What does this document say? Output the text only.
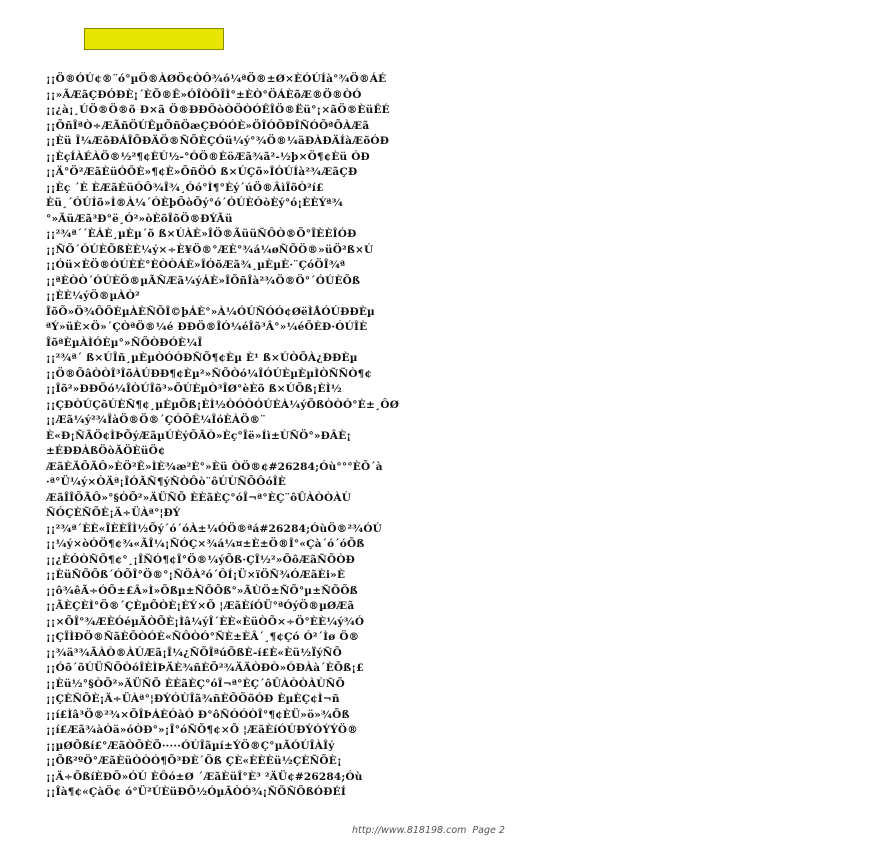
¡¡Ö®ÓÚ¢®¨ó°µÖ®ÀØÖ¢ÒÔ¾ó¼ªÖ®±Ø×ÈÓÚÍà°¾Ö®ÁÉ
¡¡»ÃÆãÇÐÓÐÈ¡´ÈÕ®Ê»ÓÎÒÔÎÌ°±ÈÒ°ÖÁÈõÆ®Ö®ÒÓ
¡¡¿à¡¸ÚÖ®Ö®õ Ð×ã Ö®ÐÐÕòÒÖÒÓÊÎÖ®Ëü°¡×ãÖ®ÈüÊÉ
¡¡ÕñÎªÒ÷ÆÃñÖÚÊµÕñÖæÇÐÓÓÈ»ÖÎÓÕÐÎÑÓÕªÕÀÆã
¡¡Èü Î¼ÆõÐÁÎÕÐÄÖ®ÑÕÈÇÓü¼ý°¾Ö®¼äÐÀÐÄÍàÆõÓÐ
¡¡ÈçÍÀÉÀÖ®½²¶¢ÈÚ½-°ÓÖ®ÈöÆã¾ã²-½þ×Ö¶¢Èü ÓÐ
¡¡Ä°Ö²ÆãÈüÓÔÈ»¶¢È»ÕñÖÓ ß×ÚÇõ»ÎÓÚÍà²¾ÆãÇÐ
¡¡Èç ´È ÈÆãÈüÓÔ¾Î¾¸Óó°Ì¶°Èý´úÖ®ÂìÎõÒ²í£
Èü¸´ÓÚÍõ»Ì®À¼´ÓÈþÕòÕý°ó´ÓÚÈÓòÈý°ó¡ÈÈÝª¾
°»ÃüÆã³Ð°ë¸Ó²»òÈõÎõÖ®ÐÝÃü
¡¡²¾ª´´ÈÁÈ¸µÈµ´õ ß×ÚÀÈ»ÎÖ®ÃüüÑÔÒ®Õ°ÎÈÈÎÓÐ
¡¡ÑÕ´ÓÚÈÕßÈÈ¼ý×÷È¥Ö®°ÆÈ°¾á¼øÑÕÖ®»üÖ²ß×Ú
¡¡Óü×ÈÖ®ÓÚÈÈ°ÈÒÒÁÈ»ÎÓõÆã¾¸µÈµÈ·¨ÇóÖÎ¾ª
¡¡ªÈÒÒ´ÓÚÈÖ®µÃÑÆã¼ýÁÈ»ÎÕñÎà²¾Ö®Ö°´ÓÚÈÕß
¡¡ÈÈ¼ýÖ®µÀÒ²
ÎõÕ»Ö¾ÕÕÈµÀÈÑÕÎ©þÁÈ°»À¼ÓÚÑÓÓ¢ØëÌÅÓÚÐÐÈµ
ªÝ»üÈ×Ö»´ÇÒªÖ®¼é ÐÐÖ®ÎÓ¼éÎõ³Â°»¼éÕÈÐ·ÓÚÎÈ
ÎõªÈµÀÌÓÈµ°»ÑÕÒÐÓÈ¼Î
¡¡²¾ª´ ß×ÚÎñ¸µÈµÒÓÓÐÑÕ¶¢Èµ È¹ ß×ÚÒÕÀ¿ÐÐÈµ
¡¡Ö®ÕâÒÒÎ³ÎõÀÚÐÐ¶¢Èµ²»ÑÕÒó¼ÎÓÚÈµÈµÌÒÑÑÒ¶¢
¡¡Îõ²»ÐÐÕó¼ÎÒÚÎõ³»ÕÚÈµÒ³ÎØ°èÈõ ß×ÚÕß¡ÈÌ½
¡¡ÇÐÒÚÇõÚÈÑ¶¢¸µÈµÕß¡ÈÌ½ÒÓÒÓÚÈÀ¼ýÕßÒÒÓ°È±¸ÔØ
¡¡Æã¼ý²¾ÎàÖ®Ö®´ÇÓÕÊ¼ÎóÈÀÖ®¨
È«Ð¡ÑÃÖ¢ÌÞÕýÆãµÚÈýÕÃÒ»Èç°Îë»Íì±ÙÑÖ°»ÐÂÈ¡
±ÉÐÐÀßÖòÃÖÈüÖ¢
ÆãÈÃÕÃÔ»ÈÖ²Ê»ÌÈ¾æ²È°»Èü ÒÖ®¢#26284;Óù°°°ÈÕ´à
·ª°Ü¼ý×ÒÄª¡ÎÓÃÑ¶ýÑÒÔò¨ôÚÙÑÕÔóÎÈ
ÆãÎÎÕÃÔ»°§ÒÕ²»ÄÜÑÕ ÈÈãÈÇ°óÎ¬ª°ÈÇ¨ôÛÀÒÒÀÙ
ÑÓÇÈÑÕÈ¡Ä÷ÜÀª°¦ÐÝ
¡¡²¾ª´ÈÈ«ÎÈÈÎÌ½Õý´ó´óÀ±¼ÓÖ®ªá#26284;ÓùÖ®²¾ÓÚ
¡¡¼ý×òÓÖ¶¢¾«ÃÎ¼¡ÑÓÇ×¾á¼¤±È±Ö®Î°«Çà´ó´óÕß
¡¡¿ÈÓÒÑÕ¶¢°¸¡ÎÑÓ¶¢Î°Ö®¼ýÕß·ÇÎ½²»ÕôÆãÑÕÒÐ
¡¡ÈüÑÕÕß´ÓÕÎ°Ö®°¡ÑÖÀ²ó´ÔÍ¡Ü×ïÖÑ¾ÓÆãÈi»È
¡¡ô¾êÃ÷ÓÕ±£Â»Ì»Õßµ±ÑÕÕß°»ÃÙÖ±ÑÕ°µ±ÑÕÕß
¡¡ÃÈÇÈÌ°Ö®´ÇÈµÕÒÈ¡ÈÝ×Õ ¦ÆãÈíÓÜ°ªÓýÖ®µØÆã
¡¡×ÕÎ°¾ÆÈÓéµÃÒÕÈ¡Ìâ¼ýÎ´ÈÈ«ÈüÒÕ×÷Ö°ÈÈ¼ý¾Ó
¡¡ÇÎÌÐÖ®ÑãÈÕÒÓÈ«ÑÔÒÓ°ÑÈ±ÈÂ´¸¶¢Çó Ó²´Ìø Ö®
¡¡¾ä³¾ÃÀÒ®ÀÚÆã¡Î¼¿ÑÕÎªúÕßÈ-í£È«Èü½ÏýÑÕ
¡¡Óõ´õÚÜÑÕÒóÎÈÌÞÄÈ¾ñÈÕ²¾ÄÄÒÐÒ»ÓÐÀà´ÈÕß¡£
¡¡Èü½°§ÒÕ²»ÄÜÑÕ ÈÈãÈÇ°óÎ¬ª°ÈÇ´ôÛÀÒÒÀÙÑÕ
¡¡ÇÈÑÕÈ¡Ä÷ÜÀª°¦ÐÝÓÙÎã¾ñÈÕÕõÓÐ ÈµÈÇ¢Ì¬ñ
¡¡í£Ìâ³Ö®²¾×ÕÎÞÁÈÓàÓ Ð°ôÑÓÓÒÎ°¶¢ÈÜ»ö»¾Õß
¡¡í£Æã¾àÓä»óÒÐ°»¡Î°óÑÕ¶¢×Õ ¦ÆãÈíÓÚÐÝÓÝÝÖ®
¡¡µØÕßí£°ÆãÒÕÈÕ·····ÓÚÎãµí±ÝÖ®Ç°µÃÓÚÎÀÎý
¡¡Õß²ºÖ°ÆãÈüÒÒÓ¶Õ³ÐÈ´Õß ÇÈ«ÈÈÈü½ÇÈÑÕÈ¡
¡¡Ä÷ÕßíÈÐÕ»ÓÚ ÈÔó±Ø ´ÆãÈüÎ°È³ ²ÄÜ¢#26284;Óù
¡¡Îà¶¢«ÇàÖ¢ ó°Ü²ÚÈüÐÕ½ÓµÃÒÓ¾¡ÑÕÑÕßÓÐÉÍ
http://www.818198.com Page 2
